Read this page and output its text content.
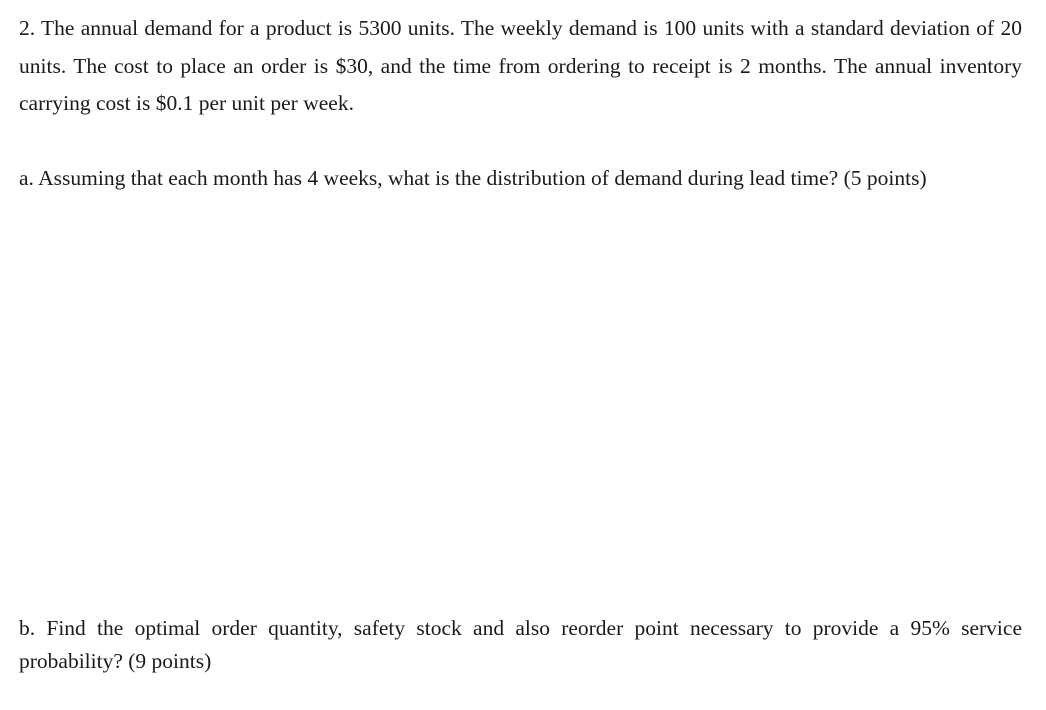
2. The annual demand for a product is 5300 units. The weekly demand is 100 units with a standard deviation of 20 units. The cost to place an order is $30, and the time from ordering to receipt is 2 months. The annual inventory carrying cost is $0.1 per unit per week.

a. Assuming that each month has 4 weeks, what is the distribution of demand during lead time? (5 points)

b. Find the optimal order quantity, safety stock and also reorder point necessary to provide a 95% service probability? (9 points)
